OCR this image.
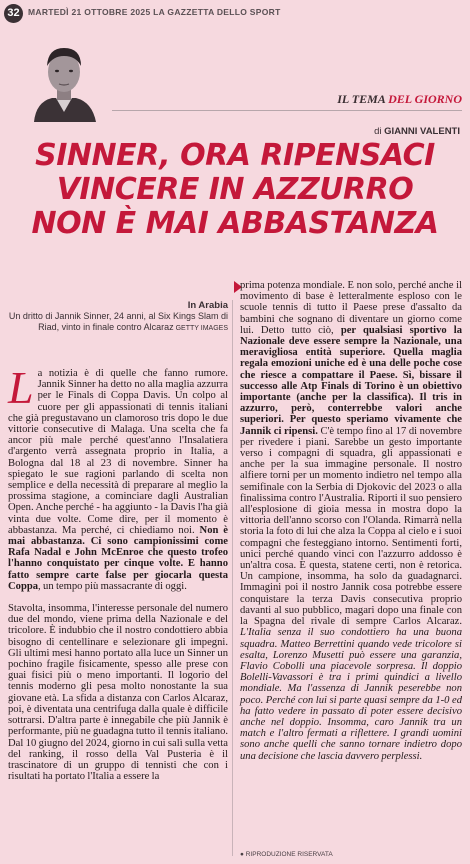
32 MARTEDÌ 21 OTTOBRE 2025 LA GAZZETTA DELLO SPORT
IL TEMA DEL GIORNO
di GIANNI VALENTI
SINNER, ORA RIPENSACI
VINCERE IN AZZURRO
NON È MAI ABBASTANZA
In Arabia
Un dritto di Jannik Sinner, 24 anni, al Six Kings Slam di Riad, vinto in finale contro Alcaraz GETTY IMAGES

La notizia è di quelle che fanno rumore. Jannik Sinner ha detto no alla maglia azzurra per le Finals di Coppa Davis. Un colpo al cuore per gli appassionati di tennis italiani che già pregustavano un clamoroso tris dopo le due vittorie consecutive di Malaga. Una scelta che fa ancor più male perché quest'anno l'Insalatiera d'argento verrà assegnata proprio in Italia, a Bologna dal 18 al 23 di novembre. Sinner ha spiegato le sue ragioni parlando di scelta non semplice e della necessità di preparare al meglio la prossima stagione, a cominciare dagli Australian Open. Anche perché - ha aggiunto - la Davis l'ha già vinta due volte. Come dire, per il momento è abbastanza. Ma perché, ci chiediamo noi. Non è mai abbastanza. Ci sono campionissimi come Rafa Nadal e John McEnroe che questo trofeo l'hanno conquistato per cinque volte. E hanno fatto sempre carte false per giocarla questa Coppa, un tempo più massacrante di oggi.

Stavolta, insomma, l'interesse personale del numero due del mondo, viene prima della Nazionale e del tricolore. È indubbio che il nostro condottiero abbia bisogno di centellinare e selezionare gli impegni. Gli ultimi mesi hanno portato alla luce un Sinner un pochino fragile fisicamente, spesso alle prese con guai fisici più o meno importanti. Il logorio del tennis moderno gli pesa molto nonostante la sua giovane età. La sfida a distanza con Carlos Alcaraz, poi, è diventata una centrifuga dalla quale è difficile sottrarsi. D'altra parte è innegabile che più Jannik è performante, più ne guadagna tutto il tennis italiano. Dal 10 giugno del 2024, giorno in cui salì sulla vetta del ranking, il rosso della Val Pusteria è il trascinatore di un gruppo di tennisti che con i risultati ha portato l'Italia a essere la

prima potenza mondiale. E non solo, perché anche il movimento di base è letteralmente esploso con le scuole tennis di tutto il Paese prese d'assalto da bambini che sognano di diventare un giorno come lui. Detto tutto ciò, per qualsiasi sportivo la Nazionale deve essere sempre la Nazionale, una meravigliosa entità superiore. Quella maglia regala emozioni uniche ed è una delle poche cose che riesce a compattare il Paese. Sì, bissare il successo alle Atp Finals di Torino è un obiettivo importante (anche per la classifica). Il tris in azzurro, però, conterrebbe valori anche superiori. Per questo speriamo vivamente che Jannik ci ripensi. C'è tempo fino al 17 di novembre per rivedere i piani. Sarebbe un gesto importante verso i compagni di squadra, gli appassionati e anche per la sua immagine personale. Il nostro alfiere torni per un momento indietro nel tempo alla semifinale con la Serbia di Djokovic del 2023 o alla finalissima contro l'Australia. Riporti il suo pensiero all'esplosione di gioia messa in mostra dopo la vittoria dell'anno scorso con l'Olanda. Rimarrà nella storia la foto di lui che alza la Coppa al cielo e i suoi compagni che festeggiano intorno. Sentimenti forti, unici perché quando vinci con l'azzurro addosso è un'altra cosa. E questa, statene certi, non è retorica. Un campione, insomma, ha solo da guadagnarci. Immagini poi il nostro Jannik cosa potrebbe essere conquistare la terza Davis consecutiva proprio davanti al suo pubblico, magari dopo una finale con la Spagna del rivale di sempre Carlos Alcaraz. L'Italia senza il suo condottiero ha una buona squadra. Matteo Berrettini quando vede tricolore si esalta, Lorenzo Musetti può essere una garanzia, Flavio Cobolli una piacevole sorpresa. Il doppio Bolelli-Vavassori è tra i primi quindici a livello mondiale. Ma l'assenza di Jannik peserebbe non poco. Perché con lui si parte quasi sempre da 1-0 ed ha fatto vedere in passato di poter essere decisivo anche nel doppio. Insomma, caro Jannik tra un match e l'altro fermati a riflettere. I grandi uomini sono anche quelli che sanno tornare indietro dopo una decisione che lascia davvero perplessi.

● RIPRODUZIONE RISERVATA
